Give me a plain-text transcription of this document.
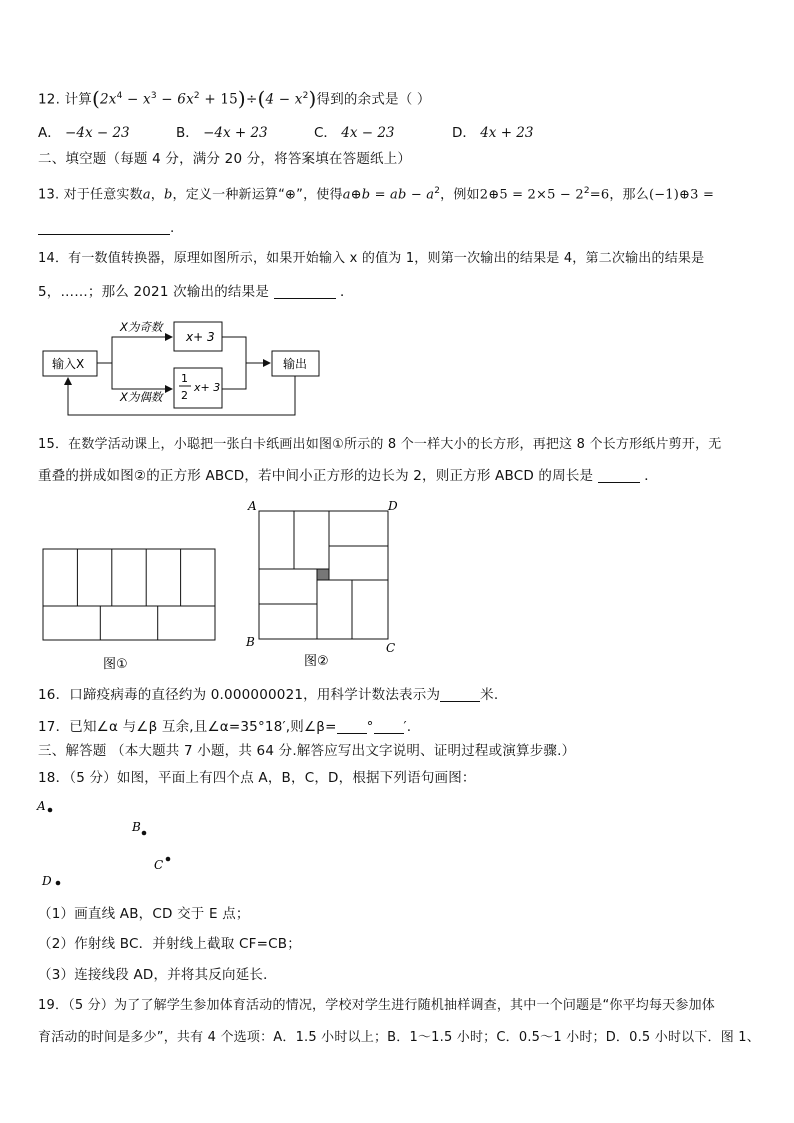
12. 计算$(2x^4 - x^3 - 6x^2 + 15)\div(4 - x^2)$得到的余式是（ ）
A． −4x − 23	B． −4x + 23	C． 4x − 23	D． 4x + 23
二、填空题（每题 4 分，满分 20 分，将答案填在答题纸上）
13. 对于任意实数a，b，定义一种新运算“⊕”，使得a⊕b = ab − $a^2$，例如2⊕5 = $2\times 5 - 2^2=6$，那么(−1)⊕3 =
.
14．有一数值转换器，原理如图所示，如果开始输入 x 的值为 1，则第一次输出的结果是 4，第二次输出的结果是
5，……；那么 2021 次输出的结果是	．
输入X
X为奇数
X为偶数
x+ 3
1
2
x+ 3
输出
15．在数学活动课上，小聪把一张白卡纸画出如图①所示的 8 个一样大小的长方形，再把这 8 个长方形纸片剪开，无
重叠的拼成如图②的正方形 ABCD，若中间小正方形的边长为 2，则正方形 ABCD 的周长是	．
图①
A	D
B	C
图②
16．口蹄疫病毒的直径约为 0.000000021，用科学计数法表示为	米.
17．已知∠α 与∠β 互余,且∠α=35°18′,则∠β= ° ′.
三、解答题 （本大题共 7 小题，共 64 分.解答应写出文字说明、证明过程或演算步骤.）
18．（5 分）如图，平面上有四个点 A，B，C，D，根据下列语句画图：
A
B
C
D
（1）画直线 AB，CD 交于 E 点；
（2）作射线 BC．并射线上截取 CF=CB；
（3）连接线段 AD，并将其反向延长．
19．（5 分）为了了解学生参加体育活动的情况，学校对学生进行随机抽样调查，其中一个问题是“你平均每天参加体
育活动的时间是多少”，共有 4 个选项：A．1.5 小时以上；B．1～1.5 小时；C．0.5～1 小时；D．0.5 小时以下．图 1、
